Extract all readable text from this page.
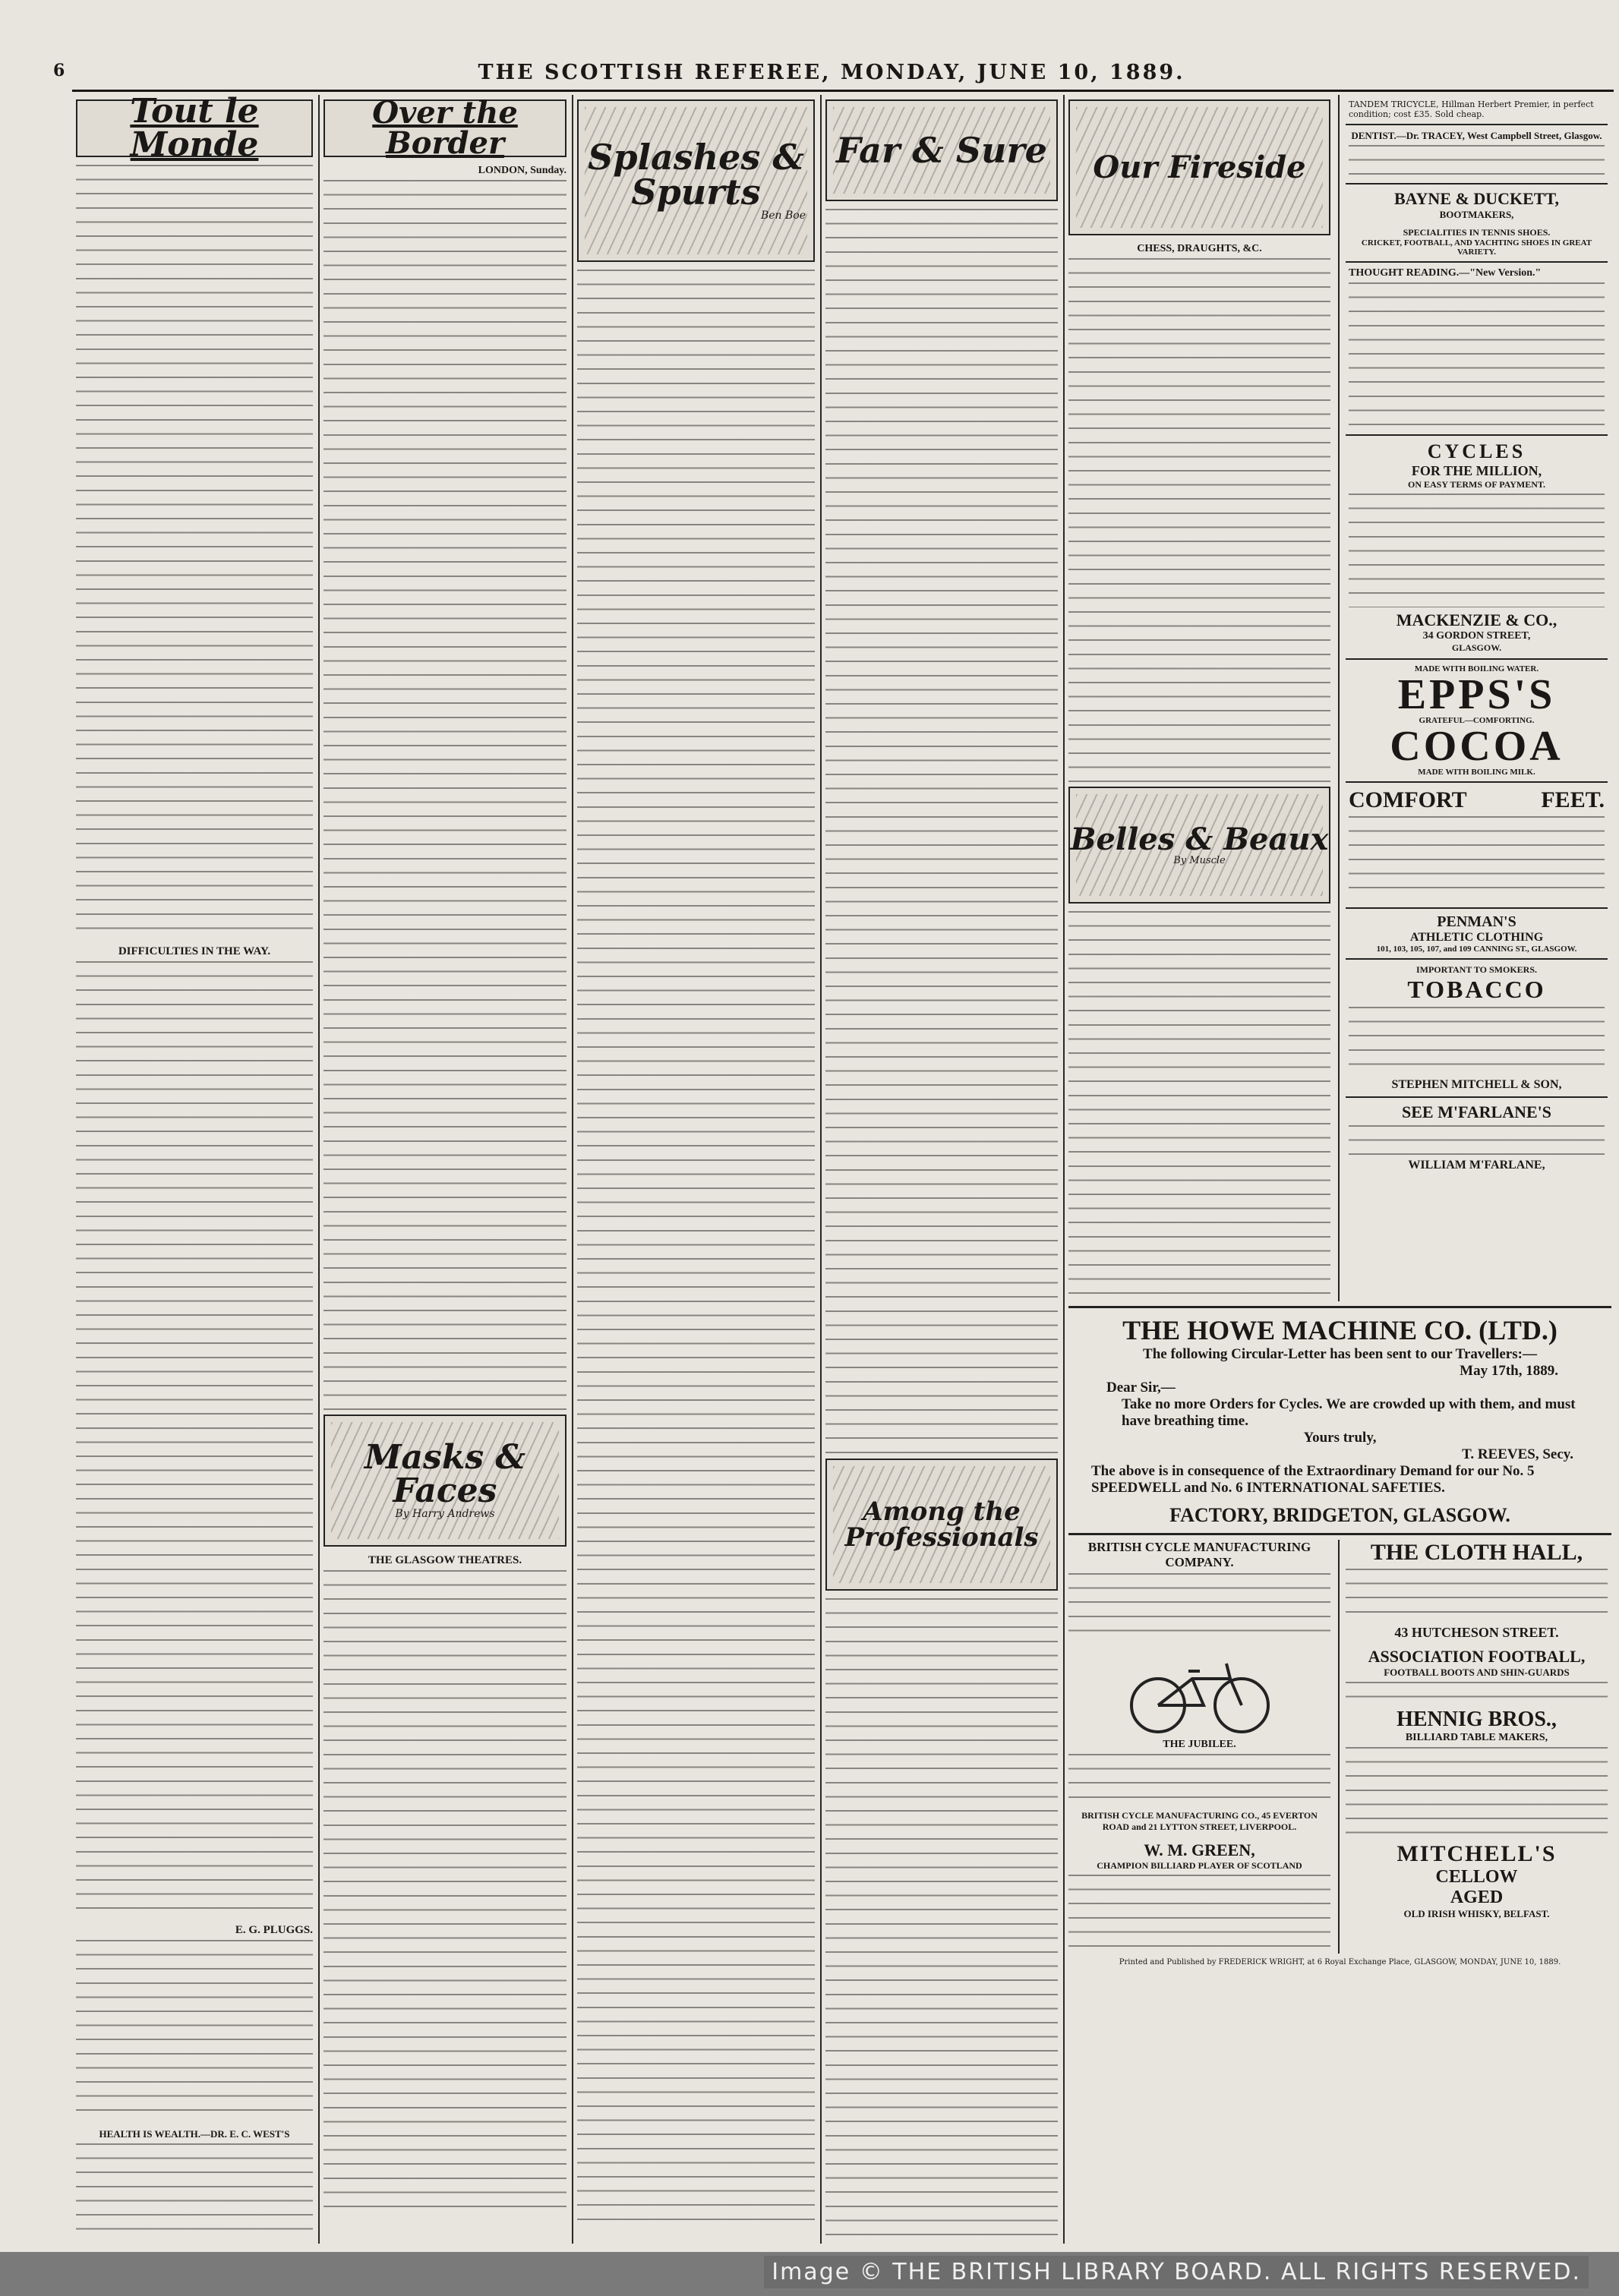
6	THE SCOTTISH REFEREE, MONDAY, JUNE 10, 1889.
Tout le Monde
DIFFICULTIES IN THE WAY.
E. G. PLUGGS.
HEALTH IS WEALTH.—DR. E. C. WEST'S
Over the Border
LONDON, Sunday.
Masks & Faces
By Harry Andrews
THE GLASGOW THEATRES.
Splashes & Spurts
Ben Boe
Far & Sure
Among the Professionals
Our Fireside
CHESS, DRAUGHTS, &C.
Belles & Beaux
By Muscle
TANDEM TRICYCLE, Hillman Herbert Premier, in perfect condition; cost £35. Sold cheap.
DENTIST.—Dr. TRACEY, West Campbell Street, Glasgow.
BAYNE & DUCKETT,
BOOTMAKERS,
SPECIALITIES IN TENNIS SHOES.
CRICKET, FOOTBALL, AND YACHTING SHOES IN GREAT VARIETY.
THOUGHT READING.—"New Version."
CYCLES
FOR THE MILLION,
ON EASY TERMS OF PAYMENT.
MACKENZIE & CO.,
34 GORDON STREET,
GLASGOW.
MADE WITH BOILING WATER.
EPPS'S
GRATEFUL—COMFORTING.
COCOA
MADE WITH BOILING MILK.
COMFORT	FEET.
PENMAN'S
ATHLETIC CLOTHING
101, 103, 105, 107, and 109 CANNING ST., GLASGOW.
IMPORTANT TO SMOKERS.
TOBACCO
STEPHEN MITCHELL & SON,
SEE M'FARLANE'S
WILLIAM M'FARLANE,
THE HOWE MACHINE CO. (LTD.)
The following Circular-Letter has been sent to our Travellers:—
May 17th, 1889.
Dear Sir,—
Take no more Orders for Cycles. We are crowded up with them, and must have breathing time.
Yours truly,
T. REEVES, Secy.
The above is in consequence of the Extraordinary Demand for our No. 5 SPEEDWELL and No. 6 INTERNATIONAL SAFETIES.
FACTORY, BRIDGETON, GLASGOW.
BRITISH CYCLE MANUFACTURING COMPANY.
THE JUBILEE.
BRITISH CYCLE MANUFACTURING CO., 45 EVERTON ROAD and 21 LYTTON STREET, LIVERPOOL.
W. M. GREEN,
CHAMPION BILLIARD PLAYER OF SCOTLAND
THE CLOTH HALL,
43 HUTCHESON STREET.
ASSOCIATION FOOTBALL,
FOOTBALL BOOTS AND SHIN-GUARDS
HENNIG BROS.,
BILLIARD TABLE MAKERS,
MITCHELL'S
CELLOW
AGED
OLD IRISH WHISKY, BELFAST.
Printed and Published by FREDERICK WRIGHT, at 6 Royal Exchange Place, GLASGOW, MONDAY, JUNE 10, 1889.
Image © THE BRITISH LIBRARY BOARD. ALL RIGHTS RESERVED.
